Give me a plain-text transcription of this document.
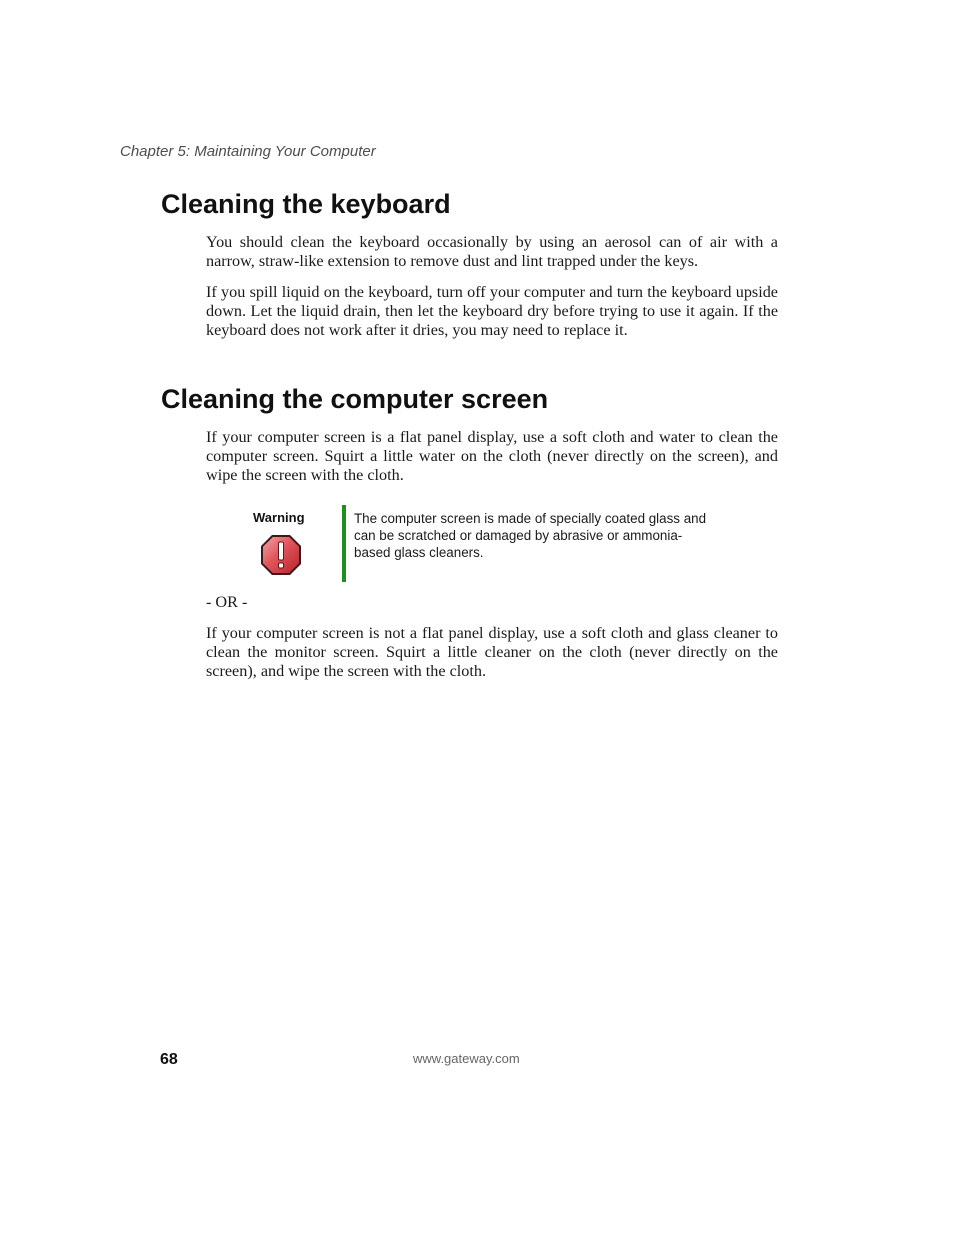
Chapter 5: Maintaining Your Computer
Cleaning the keyboard

You should clean the keyboard occasionally by using an aerosol can of air with a narrow, straw-like extension to remove dust and lint trapped under the keys.

If you spill liquid on the keyboard, turn off your computer and turn the keyboard upside down. Let the liquid drain, then let the keyboard dry before trying to use it again. If the keyboard does not work after it dries, you may need to replace it.

Cleaning the computer screen

If your computer screen is a flat panel display, use a soft cloth and water to clean the computer screen. Squirt a little water on the cloth (never directly on the screen), and wipe the screen with the cloth.

Warning	The computer screen is made of specially coated glass and can be scratched or damaged by abrasive or ammonia-based glass cleaners.

- OR -

If your computer screen is not a flat panel display, use a soft cloth and glass cleaner to clean the monitor screen. Squirt a little cleaner on the cloth (never directly on the screen), and wipe the screen with the cloth.

68	www.gateway.com
